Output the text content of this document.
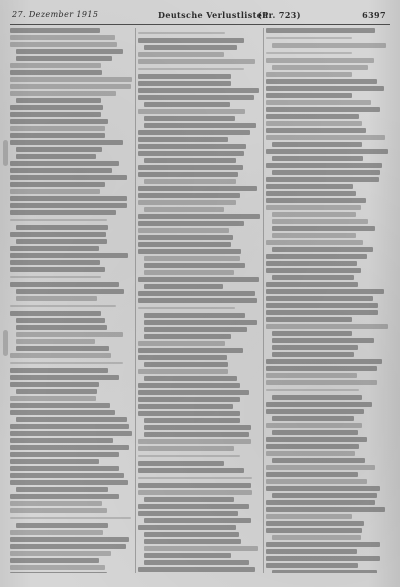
27. Dezember 1915	Deutsche Verlustlisten
(Pr. 723)	6397
